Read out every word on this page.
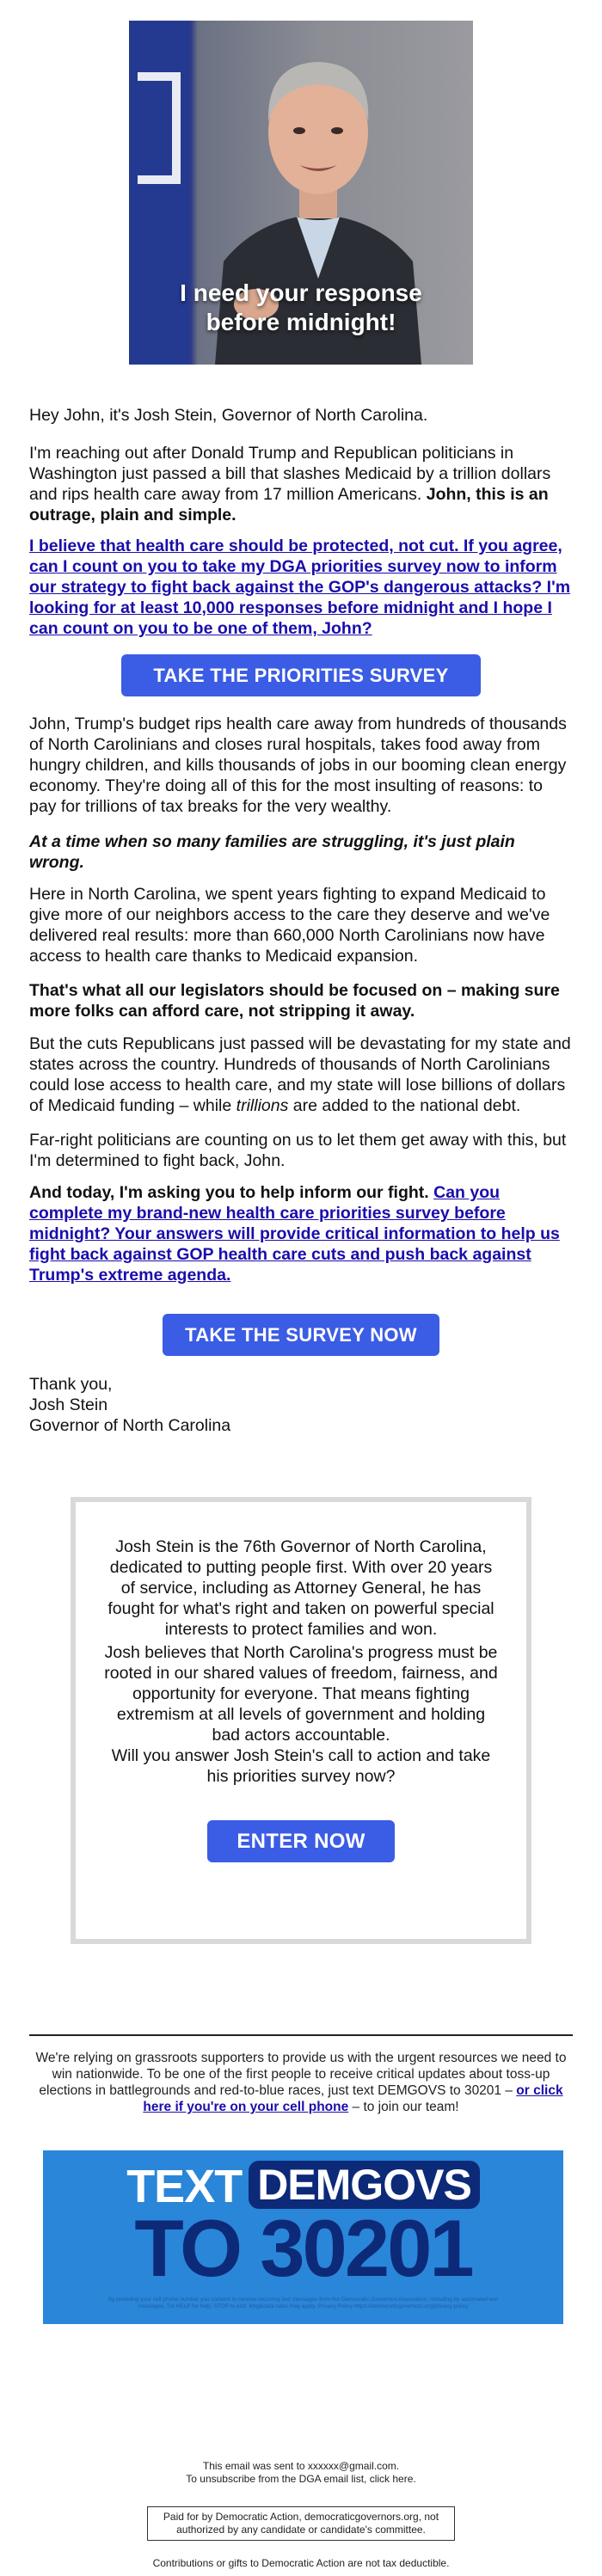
I need your response
before midnight!

Hey John, it's Josh Stein, Governor of North Carolina.

I'm reaching out after Donald Trump and Republican politicians in Washington just passed a bill that slashes Medicaid by a trillion dollars and rips health care away from 17 million Americans. John, this is an outrage, plain and simple.

I believe that health care should be protected, not cut. If you agree, can I count on you to take my DGA priorities survey now to inform our strategy to fight back against the GOP's dangerous attacks? I'm looking for at least 10,000 responses before midnight and I hope I can count on you to be one of them, John?

TAKE THE PRIORITIES SURVEY

John, Trump's budget rips health care away from hundreds of thousands of North Carolinians and closes rural hospitals, takes food away from hungry children, and kills thousands of jobs in our booming clean energy economy. They're doing all of this for the most insulting of reasons: to pay for trillions of tax breaks for the very wealthy.

At a time when so many families are struggling, it's just plain wrong.

Here in North Carolina, we spent years fighting to expand Medicaid to give more of our neighbors access to the care they deserve and we've delivered real results: more than 660,000 North Carolinians now have access to health care thanks to Medicaid expansion.

That's what all our legislators should be focused on – making sure more folks can afford care, not stripping it away.

But the cuts Republicans just passed will be devastating for my state and states across the country. Hundreds of thousands of North Carolinians could lose access to health care, and my state will lose billions of dollars of Medicaid funding – while trillions are added to the national debt.

Far-right politicians are counting on us to let them get away with this, but I'm determined to fight back, John.

And today, I'm asking you to help inform our fight. Can you complete my brand-new health care priorities survey before midnight? Your answers will provide critical information to help us fight back against GOP health care cuts and push back against Trump's extreme agenda.

TAKE THE SURVEY NOW

Thank you,

Josh Stein

Governor of North Carolina

Josh Stein is the 76th Governor of North Carolina, dedicated to putting people first. With over 20 years of service, including as Attorney General, he has fought for what's right and taken on powerful special interests to protect families and won.

Josh believes that North Carolina's progress must be rooted in our shared values of freedom, fairness, and opportunity for everyone. That means fighting extremism at all levels of government and holding bad actors accountable.

Will you answer Josh Stein's call to action and take his priorities survey now?

ENTER NOW
We're relying on grassroots supporters to provide us with the urgent resources we need to win nationwide. To be one of the first people to receive critical updates about toss-up elections in battlegrounds and red-to-blue races, just text DEMGOVS to 30201 – or click here if you're on your cell phone – to join our team!
TEXT DEMGOVS
TO 30201
By providing your cell phone number you consent to receive recurring text messages from the Democratic Governors Association, including by automated text messages. Txt HELP for help, STOP to end. Msg&data rates may apply. Privacy Policy https://democraticgovernors.org/privacy-policy
This email was sent to xxxxxx@gmail.com.
To unsubscribe from the DGA email list, click here.
Paid for by Democratic Action, democraticgovernors.org, not authorized by any candidate or candidate's committee.
Contributions or gifts to Democratic Action are not tax deductible.
